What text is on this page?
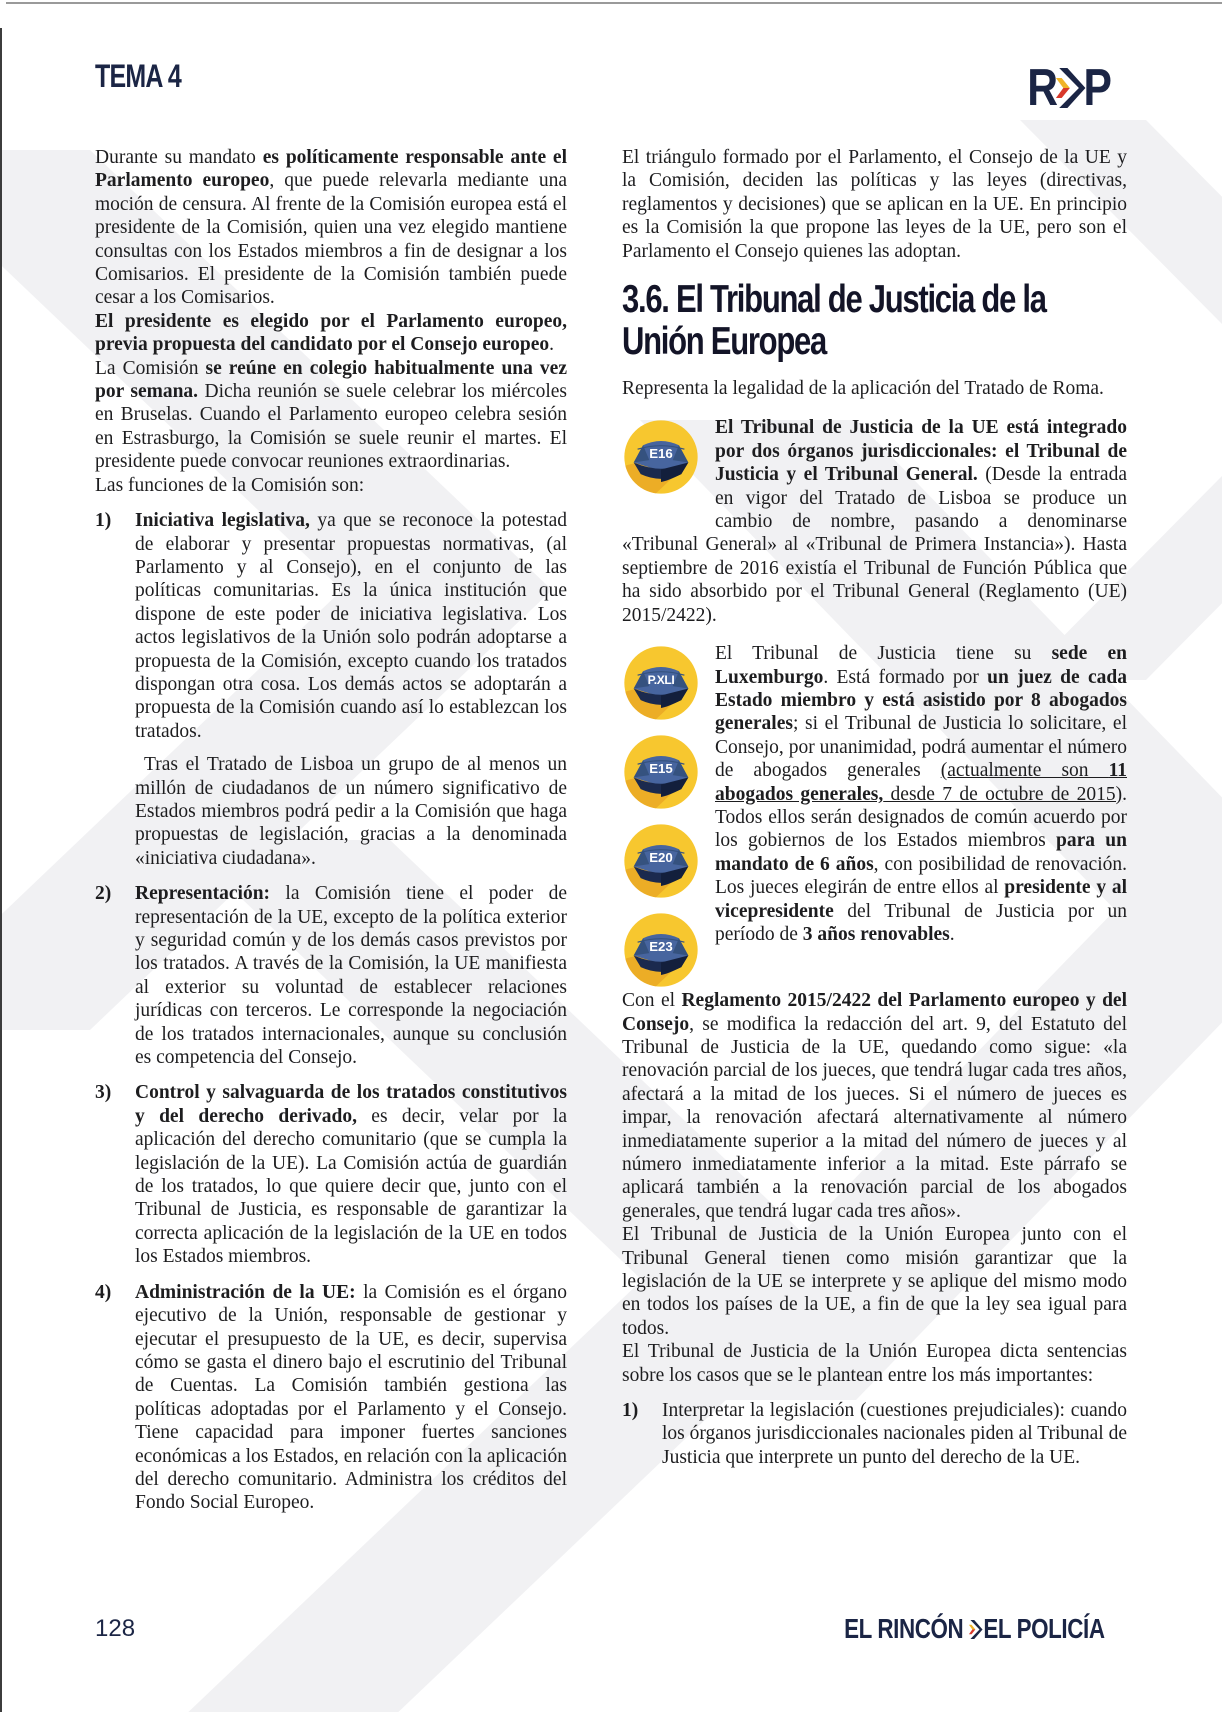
TEMA 4	R P

Durante su mandato es políticamente responsable ante el Parlamento europeo, que puede relevarla mediante una moción de censura. Al frente de la Comisión europea está el presidente de la Comisión, quien una vez elegido mantiene consultas con los Estados miembros a fin de designar a los Comisarios. El presidente de la Comisión también puede cesar a los Comisarios.

El presidente es elegido por el Parlamento europeo, previa propuesta del candidato por el Consejo europeo.

La Comisión se reúne en colegio habitualmente una vez por semana. Dicha reunión se suele celebrar los miércoles en Bruselas. Cuando el Parlamento europeo celebra sesión en Estrasburgo, la Comisión se suele reunir el martes. El presidente puede convocar reuniones extraordinarias.

Las funciones de la Comisión son:

1)	Iniciativa legislativa, ya que se reconoce la potestad de elaborar y presentar propuestas normativas, (al Parlamento y al Consejo), en el conjunto de las políticas comunitarias. Es la única institución que dispone de este poder de iniciativa legislativa. Los actos legislativos de la Unión solo podrán adoptarse a propuesta de la Comisión, excepto cuando los tratados dispongan otra cosa. Los demás actos se adoptarán a propuesta de la Comisión cuando así lo establezcan los tratados.

Tras el Tratado de Lisboa un grupo de al menos un millón de ciudadanos de un número significativo de Estados miembros podrá pedir a la Comisión que haga propuestas de legislación, gracias a la denominada «iniciativa ciudadana».

2)	Representación: la Comisión tiene el poder de representación de la UE, excepto de la política exterior y seguridad común y de los demás casos previstos por los tratados. A través de la Comisión, la UE manifiesta al exterior su voluntad de establecer relaciones jurídicas con terceros. Le corresponde la negociación de los tratados internacionales, aunque su conclusión es competencia del Consejo.

3)	Control y salvaguarda de los tratados constitutivos y del derecho derivado, es decir, velar por la aplicación del derecho comunitario (que se cumpla la legislación de la UE). La Comisión actúa de guardián de los tratados, lo que quiere decir que, junto con el Tribunal de Justicia, es responsable de garantizar la correcta aplicación de la legislación de la UE en todos los Estados miembros.

4)	Administración de la UE: la Comisión es el órgano ejecutivo de la Unión, responsable de gestionar y ejecutar el presupuesto de la UE, es decir, supervisa cómo se gasta el dinero bajo el escrutinio del Tribunal de Cuentas. La Comisión también gestiona las políticas adoptadas por el Parlamento y el Consejo. Tiene capacidad para imponer fuertes sanciones económicas a los Estados, en relación con la aplicación del derecho comunitario. Administra los créditos del Fondo Social Europeo.

El triángulo formado por el Parlamento, el Consejo de la UE y la Comisión, deciden las políticas y las leyes (directivas, reglamentos y decisiones) que se aplican en la UE. En principio es la Comisión la que propone las leyes de la UE, pero son el Parlamento el Consejo quienes las adoptan.

3.6. El Tribunal de Justicia de la Unión Europea

Representa la legalidad de la aplicación del Tratado de Roma.

E16

El Tribunal de Justicia de la UE está integrado por dos órganos jurisdiccionales: el Tribunal de Justicia y el Tribunal General. (Desde la entrada en vigor del Tratado de Lisboa se produce un cambio de nombre, pasando a denominarse «Tribunal General» al «Tribunal de Primera Instancia»). Hasta septiembre de 2016 existía el Tribunal de Función Pública que ha sido absorbido por el Tribunal General (Reglamento (UE) 2015/2422).

P.XLI
E15
E20
E23

El Tribunal de Justicia tiene su sede en Luxemburgo. Está formado por un juez de cada Estado miembro y está asistido por 8 abogados generales; si el Tribunal de Justicia lo solicitare, el Consejo, por unanimidad, podrá aumentar el número de abogados generales (actualmente son 11 abogados generales, desde 7 de octubre de 2015). Todos ellos serán designados de común acuerdo por los gobiernos de los Estados miembros para un mandato de 6 años, con posibilidad de renovación. Los jueces elegirán de entre ellos al presidente y al vicepresidente del Tribunal de Justicia por un período de 3 años renovables.

Con el Reglamento 2015/2422 del Parlamento europeo y del Consejo, se modifica la redacción del art. 9, del Estatuto del Tribunal de Justicia de la UE, quedando como sigue: «la renovación parcial de los jueces, que tendrá lugar cada tres años, afectará a la mitad de los jueces. Si el número de jueces es impar, la renovación afectará alternativamente al número inmediatamente superior a la mitad del número de jueces y al número inmediatamente inferior a la mitad. Este párrafo se aplicará también a la renovación parcial de los abogados generales, que tendrá lugar cada tres años».

El Tribunal de Justicia de la Unión Europea junto con el Tribunal General tienen como misión garantizar que la legislación de la UE se interprete y se aplique del mismo modo en todos los países de la UE, a fin de que la ley sea igual para todos.

El Tribunal de Justicia de la Unión Europea dicta sentencias sobre los casos que se le plantean entre los más importantes:

1)	Interpretar la legislación (cuestiones prejudiciales): cuando los órganos jurisdiccionales nacionales piden al Tribunal de Justicia que interprete un punto del derecho de la UE.

128	EL RINCÓN EL POLICÍA
